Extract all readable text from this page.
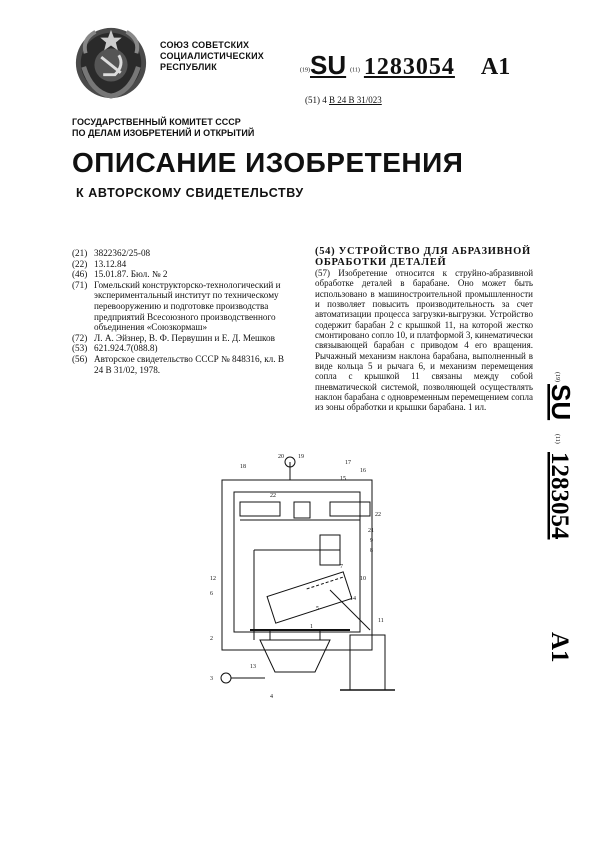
СОЮЗ СОВЕТСКИХ
СОЦИАЛИСТИЧЕСКИХ
РЕСПУБЛИК	(19)SU (11) 1283054 A1
(51) 4 В 24 В 31/023
ГОСУДАРСТВЕННЫЙ КОМИТЕТ СССР
ПО ДЕЛАМ ИЗОБРЕТЕНИЙ И ОТКРЫТИЙ
ОПИСАНИЕ ИЗОБРЕТЕНИЯ
К АВТОРСКОМУ СВИДЕТЕЛЬСТВУ
(21) 3822362/25-08
(22) 13.12.84
(46) 15.01.87. Бюл. № 2
(71) Гомельский конструкторско-технологический и экспериментальный институт по техническому перевооружению и подготовке производства предприятий Всесоюзного производственного объединения «Союзкормаш»
(72) Л. А. Эйзнер, В. Ф. Первушин и Е. Д. Мешков
(53) 621.924.7(088.8)
(56) Авторское свидетельство СССР № 848316, кл. В 24 В 31/02, 1978.
(54) УСТРОЙСТВО ДЛЯ АБРАЗИВНОЙ ОБРАБОТКИ ДЕТАЛЕЙ
(57) Изобретение относится к струйно-абразивной обработке деталей в барабане. Оно может быть использовано в машиностроительной промышленности и позволяет повысить производительность за счет автоматизации процесса загрузки-выгрузки. Устройство содержит барабан 2 с крышкой 11, на которой жестко смонтировано сопло 10, и платформой 3, кинематически связывающей барабан с приводом 4 его вращения. Рычажный механизм наклона барабана, выполненный в виде кольца 5 и рычага 6, и механизм перемещения сопла с крышкой 11 связаны между собой пневматической системой, позволяющей осуществлять наклон барабана с одновременным перемещением сопла из зоны обработки и крышки барабана. 1 ил.
(19)
SU
(11)
1283054
A1
18
20 19
22
17
16
15
22
21
9
8
7
10
12
6
14
5
2
11
3
13
4
1
